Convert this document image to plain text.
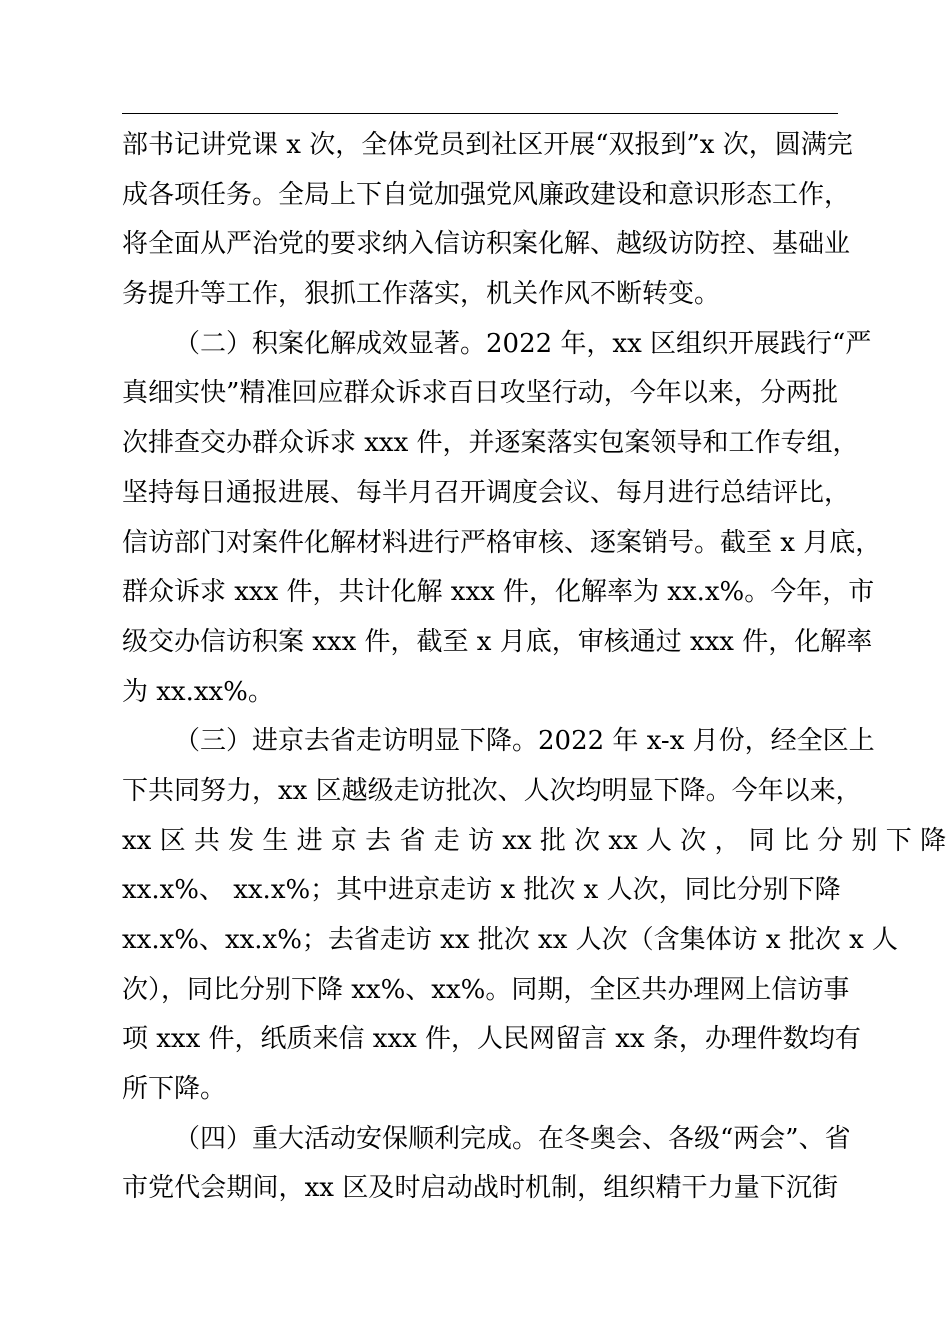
部书记讲党课 x 次，全体党员到社区开展“双报到”x 次，圆满完
成各项任务。全局上下自觉加强党风廉政建设和意识形态工作，
将全面从严治党的要求纳入信访积案化解、越级访防控、基础业
务提升等工作，狠抓工作落实，机关作风不断转变。
（二）积案化解成效显著。2022 年，xx 区组织开展践行“严
真细实快”精准回应群众诉求百日攻坚行动，今年以来，分两批
次排查交办群众诉求 xxx 件，并逐案落实包案领导和工作专组，
坚持每日通报进展、每半月召开调度会议、每月进行总结评比，
信访部门对案件化解材料进行严格审核、逐案销号。截至 x 月底，
群众诉求 xxx 件，共计化解 xxx 件，化解率为 xx.x%。今年，市
级交办信访积案 xxx 件，截至 x 月底，审核通过 xxx 件，化解率
为 xx.xx%。
（三）进京去省走访明显下降。2022 年 x-x 月份，经全区上
下共同努力，xx 区越级走访批次、人次均明显下降。今年以来，
xx 区 共 发 生 进 京 去 省 走 访 xx 批 次 xx 人 次 ， 同 比 分 别 下 降
xx.x%、 xx.x%；其中进京走访 x 批次 x 人次，同比分别下降
xx.x%、xx.x%；去省走访 xx 批次 xx 人次（含集体访 x 批次 x 人
次），同比分别下降 xx%、xx%。同期，全区共办理网上信访事
项 xxx 件，纸质来信 xxx 件，人民网留言 xx 条，办理件数均有
所下降。
（四）重大活动安保顺利完成。在冬奥会、各级“两会”、省
市党代会期间，xx 区及时启动战时机制，组织精干力量下沉街
